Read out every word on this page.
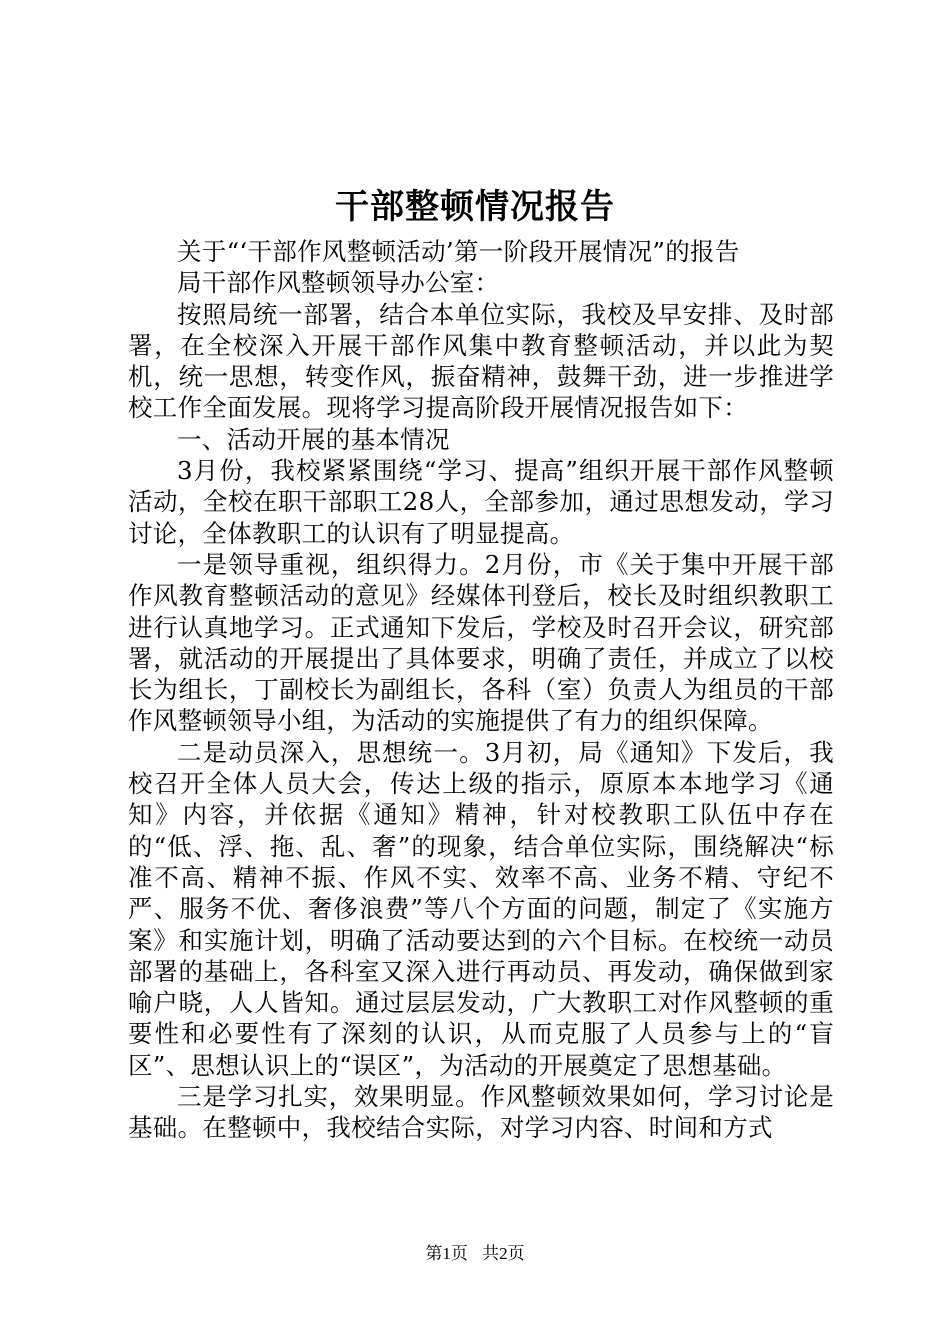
干部整顿情况报告

关于“‘干部作风整顿活动’第一阶段开展情况”的报告

局干部作风整顿领导办公室：

按照局统一部署，结合本单位实际，我校及早安排、及时部署，在全校深入开展干部作风集中教育整顿活动，并以此为契机，统一思想，转变作风，振奋精神，鼓舞干劲，进一步推进学校工作全面发展。现将学习提高阶段开展情况报告如下：

一、活动开展的基本情况

3月份，我校紧紧围绕“学习、提高”组织开展干部作风整顿活动，全校在职干部职工28人，全部参加，通过思想发动，学习讨论，全体教职工的认识有了明显提高。

一是领导重视，组织得力。2月份，市《关于集中开展干部作风教育整顿活动的意见》经媒体刊登后，校长及时组织教职工进行认真地学习。正式通知下发后，学校及时召开会议，研究部署，就活动的开展提出了具体要求，明确了责任，并成立了以校长为组长，丁副校长为副组长，各科（室）负责人为组员的干部作风整顿领导小组，为活动的实施提供了有力的组织保障。

二是动员深入，思想统一。3月初，局《通知》下发后，我校召开全体人员大会，传达上级的指示，原原本本地学习《通知》内容，并依据《通知》精神，针对校教职工队伍中存在的“低、浮、拖、乱、奢”的现象，结合单位实际，围绕解决“标准不高、精神不振、作风不实、效率不高、业务不精、守纪不严、服务不优、奢侈浪费”等八个方面的问题，制定了《实施方案》和实施计划，明确了活动要达到的六个目标。在校统一动员部署的基础上，各科室又深入进行再动员、再发动，确保做到家喻户晓，人人皆知。通过层层发动，广大教职工对作风整顿的重要性和必要性有了深刻的认识，从而克服了人员参与上的“盲区”、思想认识上的“误区”，为活动的开展奠定了思想基础。

三是学习扎实，效果明显。作风整顿效果如何，学习讨论是基础。在整顿中，我校结合实际，对学习内容、时间和方式

第1页 共2页
